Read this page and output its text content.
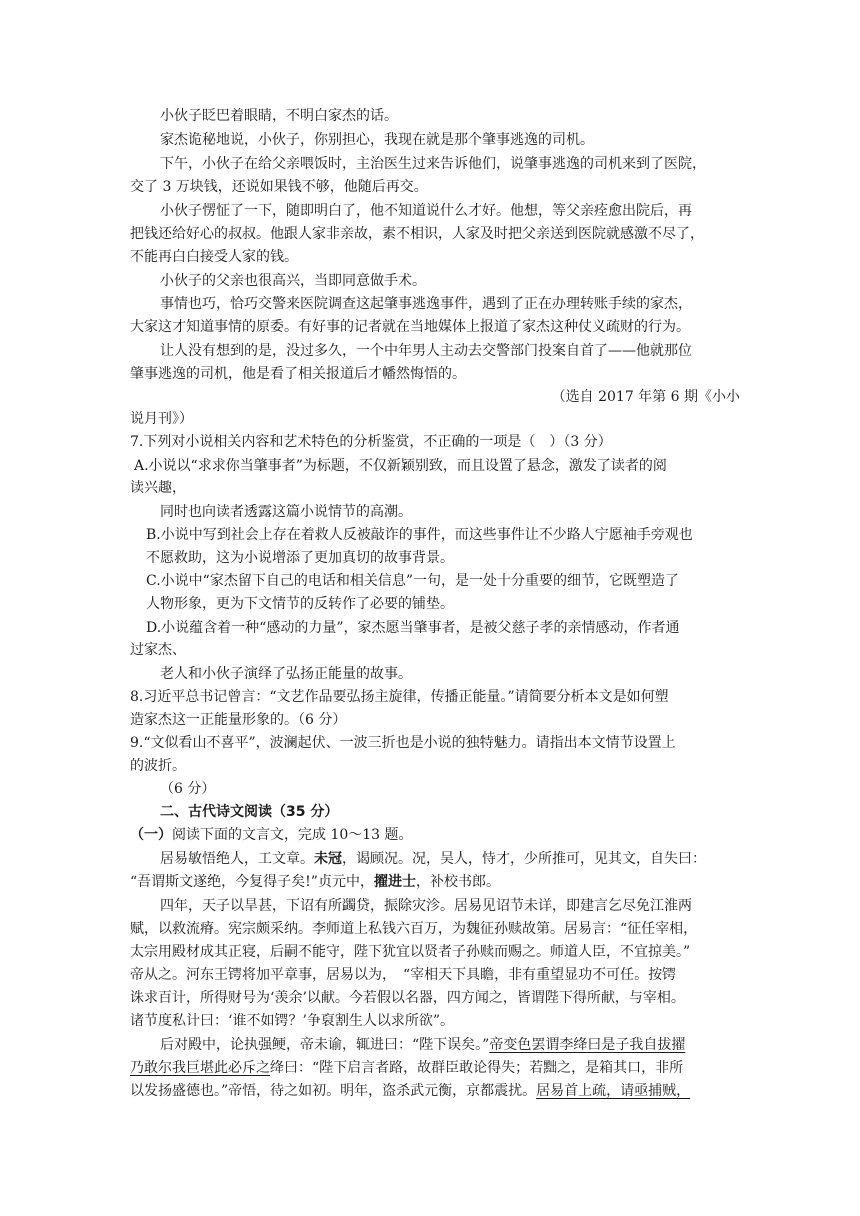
小伙子眨巴着眼睛，不明白家杰的话。
家杰诡秘地说，小伙子，你别担心，我现在就是那个肇事逃逸的司机。
下午，小伙子在给父亲喂饭时，主治医生过来告诉他们，说肇事逃逸的司机来到了医院，
交了 3 万块钱，还说如果钱不够，他随后再交。
小伙子愣怔了一下，随即明白了，他不知道说什么才好。他想，等父亲痊愈出院后，再
把钱还给好心的叔叔。他跟人家非亲故，素不相识，人家及时把父亲送到医院就感激不尽了，
不能再白白接受人家的钱。
小伙子的父亲也很高兴，当即同意做手术。
事情也巧，恰巧交警来医院调查这起肇事逃逸事件，遇到了正在办理转账手续的家杰，
大家这才知道事情的原委。有好事的记者就在当地媒体上报道了家杰这种仗义疏财的行为。
让人没有想到的是，没过多久，一个中年男人主动去交警部门投案自首了——他就那位
肇事逃逸的司机，他是看了相关报道后才幡然悔悟的。
（选自 2017 年第 6 期《小小
说月刊》）
7.下列对小说相关内容和艺术特色的分析鉴赏，不正确的一项是（　）（3 分）
A.小说以“求求你当肇事者”为标题，不仅新颖别致，而且设置了悬念，激发了读者的阅
读兴趣，
同时也向读者透露这篇小说情节的高潮。
B.小说中写到社会上存在着救人反被敲诈的事件，而这些事件让不少路人宁愿袖手旁观也
不愿救助，这为小说增添了更加真切的故事背景。
C.小说中“家杰留下自己的电话和相关信息”一句，是一处十分重要的细节，它既塑造了
人物形象，更为下文情节的反转作了必要的铺垫。
D.小说蕴含着一种“感动的力量”，家杰愿当肇事者，是被父慈子孝的亲情感动，作者通
过家杰、
老人和小伙子演绎了弘扬正能量的故事。
8.习近平总书记曾言：“文艺作品要弘扬主旋律，传播正能量。”请简要分析本文是如何塑
造家杰这一正能量形象的。（6 分）
9.“文似看山不喜平”，波澜起伏、一波三折也是小说的独特魅力。请指出本文情节设置上
的波折。
（6 分）
二、古代诗文阅读（35 分）
（一）阅读下面的文言文，完成 10～13 题。
居易敏悟绝人，工文章。未冠，谒顾况。况，吴人，恃才，少所推可，见其文，自失曰：
“吾谓斯文遂绝，今复得子矣!”贞元中，擢进士，补校书郎。
四年，天子以旱甚，下诏有所蠲贷，振除灾沴。居易见诏节未详，即建言乞尽免江淮两
赋，以救流瘠。宪宗颇采纳。李师道上私钱六百万，为魏征孙赎故第。居易言：“征任宰相，
太宗用殿材成其正寝，后嗣不能守，陛下犹宜以贤者子孙赎而赐之。师道人臣，不宜掠美。”
帝从之。河东王锷将加平章事，居易以为，　“宰相天下具瞻，非有重望显功不可任。按锷
诛求百计，所得财号为‘羡余’以献。今若假以名器，四方闻之，皆谓陛下得所献，与宰相。
诸节度私计曰：‘谁不如锷？’争裒割生人以求所欲”。
后对殿中，论执强鲠，帝未谕，辄进曰：“陛下误矣。”帝变色罢谓李绛曰是子我自拔擢
乃敢尔我巨堪此必斥之绛曰：“陛下启言者路，故群臣敢论得失；若黜之，是箱其口，非所
以发扬盛德也。”帝悟，待之如初。明年，盗杀武元衡，京都震扰。居易首上疏，请亟捕贼，
